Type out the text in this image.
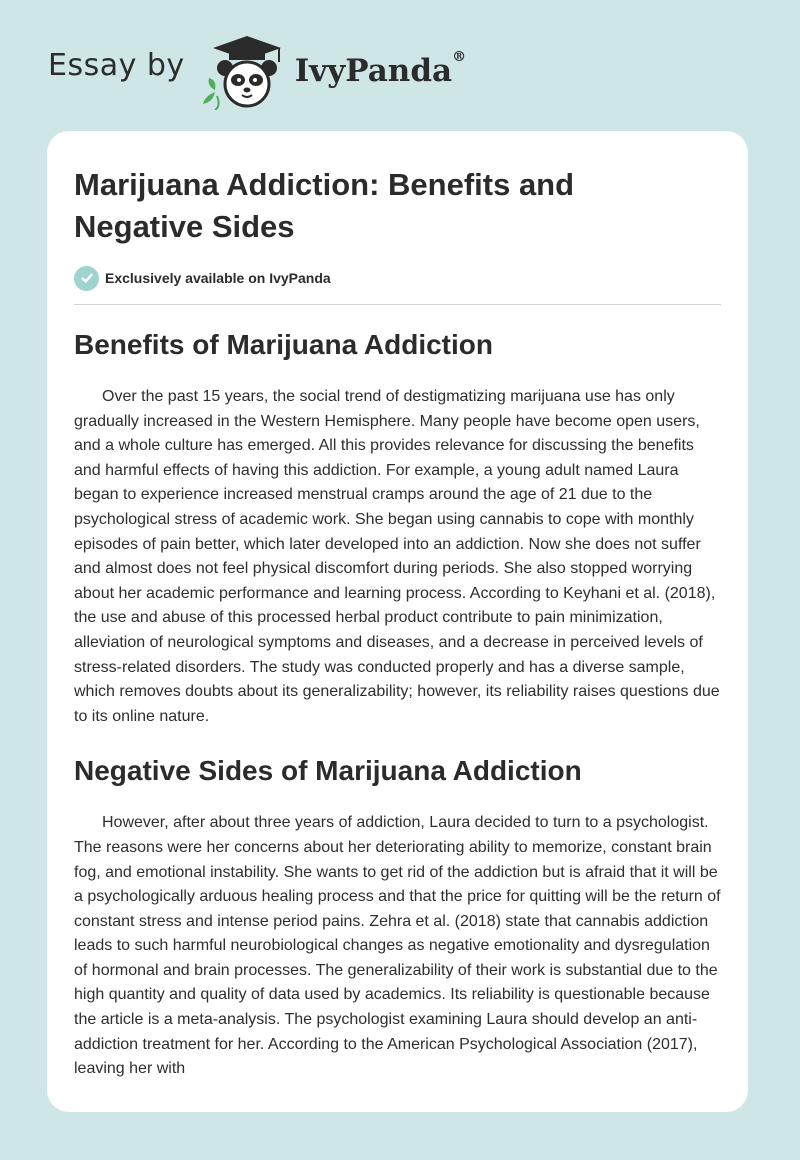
Essay by	IvyPanda®
Marijuana Addiction: Benefits and Negative Sides
Exclusively available on IvyPanda
Benefits of Marijuana Addiction

Over the past 15 years, the social trend of destigmatizing marijuana use has only gradually increased in the Western Hemisphere. Many people have become open users, and a whole culture has emerged. All this provides relevance for discussing the benefits and harmful effects of having this addiction. For example, a young adult named Laura began to experience increased menstrual cramps around the age of 21 due to the psychological stress of academic work. She began using cannabis to cope with monthly episodes of pain better, which later developed into an addiction. Now she does not suffer and almost does not feel physical discomfort during periods. She also stopped worrying about her academic performance and learning process. According to Keyhani et al. (2018), the use and abuse of this processed herbal product contribute to pain minimization, alleviation of neurological symptoms and diseases, and a decrease in perceived levels of stress-related disorders. The study was conducted properly and has a diverse sample, which removes doubts about its generalizability; however, its reliability raises questions due to its online nature.

Negative Sides of Marijuana Addiction

However, after about three years of addiction, Laura decided to turn to a psychologist. The reasons were her concerns about her deteriorating ability to memorize, constant brain fog, and emotional instability. She wants to get rid of the addiction but is afraid that it will be a psychologically arduous healing process and that the price for quitting will be the return of constant stress and intense period pains. Zehra et al. (2018) state that cannabis addiction leads to such harmful neurobiological changes as negative emotionality and dysregulation of hormonal and brain processes. The generalizability of their work is substantial due to the high quantity and quality of data used by academics. Its reliability is questionable because the article is a meta-analysis. The psychologist examining Laura should develop an anti-addiction treatment for her. According to the American Psychological Association (2017), leaving her with
